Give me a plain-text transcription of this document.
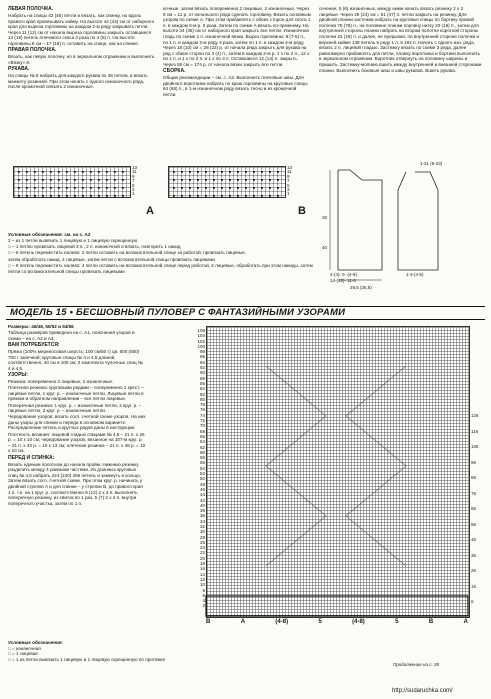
ЛЕВАЯ ПОЛОЧКА.

Набрать на спицы 42 (46) петли и вязать, как спинку, но вдоль правого края провязывать кайму. На высоте 42 (44) см от наборного края для выреза горловины на каждом 2-м ряду закрывать петли. Через 11 (12) см от начала выреза горловины закрыть оставшиеся 14 (16) петель плечевого скоса 3 раза по 4 (5) п. На высоте горловины 6 см – 17 (18) п. оставить на спице, как на спинке.

ПРАВАЯ ПОЛОЧКА.

Вязать, как левую полочку, но в зеркальном отражении и выполнить «Вязку» 8.

РУКАВА.

На спицы № 6 набрать для каждого рукава по 38 петель и вязать манжету резинкой. При этом начать с одного изнаночного ряда, после кромочной связать 2 изнаночные.

кочные, затем вязать попеременно 2 лицевые, 2 изнаночные. Через 5 см = 11 р. от начального ряда сделать горловину. Вязать основным узором по схеме A. При этом прибавлять с обеих сторон для скоса 1 п. в каждом 6-м р. 3 раза. Затем по схеме A вязать по-прежнему. На высоте 34 (36) см от наборного края закрыть все петли. Изнаночная гладь по схеме 1 п. изнаночной вязки. Вырез горловины: 8 (7-5) п., по 1 п. в каждом 2-м ряду 3 раза, затем по 1 п. в каждом 4-м ряду. Через 18 (10) см = 28 (22) р. от начала ряда закрыть для рукава на ряд с обеих сторон по 3 (4) п., затем в каждом 2-м р. 1 х по 2 п., 12 х по 1 п. и 1 х по 2 п. и 1 х по 3 п. Оставшиеся 12 (14) п. закрыть. Через 58 см = 174 р. от начала вязки закрыть все петли.

СБОРКА.

Общие рекомендации – см. с. А2. Выполнить плечевые швы. Для двойного воротника набрать по краю горловины на круговые спицы 64 (66) п., в 1-м изнаночном ряду вязать тесно и из кромочной петли.

сечение, 5 (6) изнаночных, между ними начать вязать резинку 2 х 2 лицевые. Через 28 (24) см = 51 (47) п. петли закрыть на резинку. Для двойной планки застежки набрать на круговые спицы по бортику правой полочки 76 (78) п., на половине планки поровну нитку 20 (18) п., затем для внутренней стороны планки набрать на втором полотне короткой стороны полочки 23 (18) п. и далее, не прерывая, по внутренней стороне полочки и верхней кайме 138 петель в ряду 1 п. в 192 п. Начать с одного изн. ряда, вязать 2 п. лицевой гладью. Застежку вязать по схеме 3 ряда, далее равномерно прибавлять для петли, планку воротника и бортики выполнить в зеркальном отражении. Воротник отвернуть на половину ширины и пришить. Застежку-молнию вшить между внутренней и внешней сторонами планки. Выполнить боковые швы и швы рукавов. Вшить рукава.

13
11
9
7
5
3
1
A
13
11
9
7
5
3
1
B
1-21 (5-23)
30
40
4-(4)- 5 -(4-5)
14-(15)- 11-5
29,5 (35,5)
1-3-(4-5)
Условные обозначения: см. на с. А2
2 – из 1 петли вывязать 1 лицевую и 1 лицевую скрещенную
□ – 1 петлю провязать лицевой 3 п., 2 п. изнаночной и вязать, повторить 1 накид
□ – 6 петель переместить налево: 2 петли оставить на вспомогательной спице за работой, провязать лицевые,
затем обработать накид. 4 лицевые, затем петли с вспомогательной спицы провязать лицевыми
□ – 8 петель переместить налево: 4 петли оставить на вспомогательной спице перед работой, 2 лицевые, обработать при этом накиды, затем петли со вспомогательной спицы провязать лицевыми
МОДЕЛЬ 15 • БЕСШОВНЫЙ ПУЛОВЕР С ФАНТАЗИЙНЫМИ УЗОРАМИ

Размеры: 46/48, 50/52 и 54/56

Таблица размеров приведена на с. А1, пояснения узоров и схема – на с. А2 и А3.

ВАМ ПОТРЕБУЕТСЯ:

Пряжа (100% мериносовая шерсть; 100 см/50 г) цв. 600 (650) 700 г запечной; круговые спицы № 4 и 4,5 длиной, соответственно, 40 см и 100 см; 2 комплекта чулочных спиц № 4 и 4,5.

УЗОРЫ:

Резинка: попеременно 2 лицевые, 2 изнаночные.

Плетеная резинка: круговыми рядами – попеременно 1 крест. – лицевые петли, 1 круг. р. – изнаночные петли. Лицевые петли в прямом и обратном направлении – все петли лицевые.

Поперечная резинка: 1 круг. р. – изнаночные петли, 2 круг. р. – лицевые петли, 3 круг. р. – изнаночные петли.

Чередование узоров: вязать согл. счетной схеме узоров. На них даны узоры для спинки и переда в основном варианте. Распределение петель и круглых рядов даны в инструкции.

Плотность вязания: лицевой гладью спицами № 4,5 – 21 п. х 25 р. = 10 х 10 см; чередование узоров, вязанное на 107-м круг. р. – 21 п. х 33 р. = 10 х 13 см; плетеная резинка – 21 п. х 36 р. = 10 х 10 см.

ПЕРЕД И СПИНКА:

Вязать единым полотном до начала пройм. Нижнюю резинку разделить между 4 равными частями. Из длинных круговых спиц № 4,5 набрать 224 (240) 256 петель и замкнуть в кольцо. Затем вязать согл. счетной схеме. При этом круг. р. начинать у двойной стрелки A и для спинки – у стрелки B, до правого края 1 п. т.е. на 1 круг. р. соответственно 9 (12) 2 х 4 п. выполнять поперечную резинку, из свиток по 1 раз, 5 (7) 2 х 4 п. внутри поперечного участка, затем по 1 п.

Условные обозначения:
□ = изнаночная
□ = 1 лицевая
□ = 1 из петли вывязать 1 лицевую и 1 лицевую скрещенную по протяжке
106
104
102
100
98
96
94
92
90
88
86
84
82
80
78
76
74
72
70
68
66
64
62
60
58
56
54
52
50
48
46
44
42
40
38
36
34
32
30
28
26
24
22
20
18
16
14
12
10
8
6
4
2
126
116
106
96
86
76
66
56
46
36
26
16
6
B	A	(4-8)	5	(4-8)	5	B	A
Продолжение на с. 28
http://sudaruchka.com/
